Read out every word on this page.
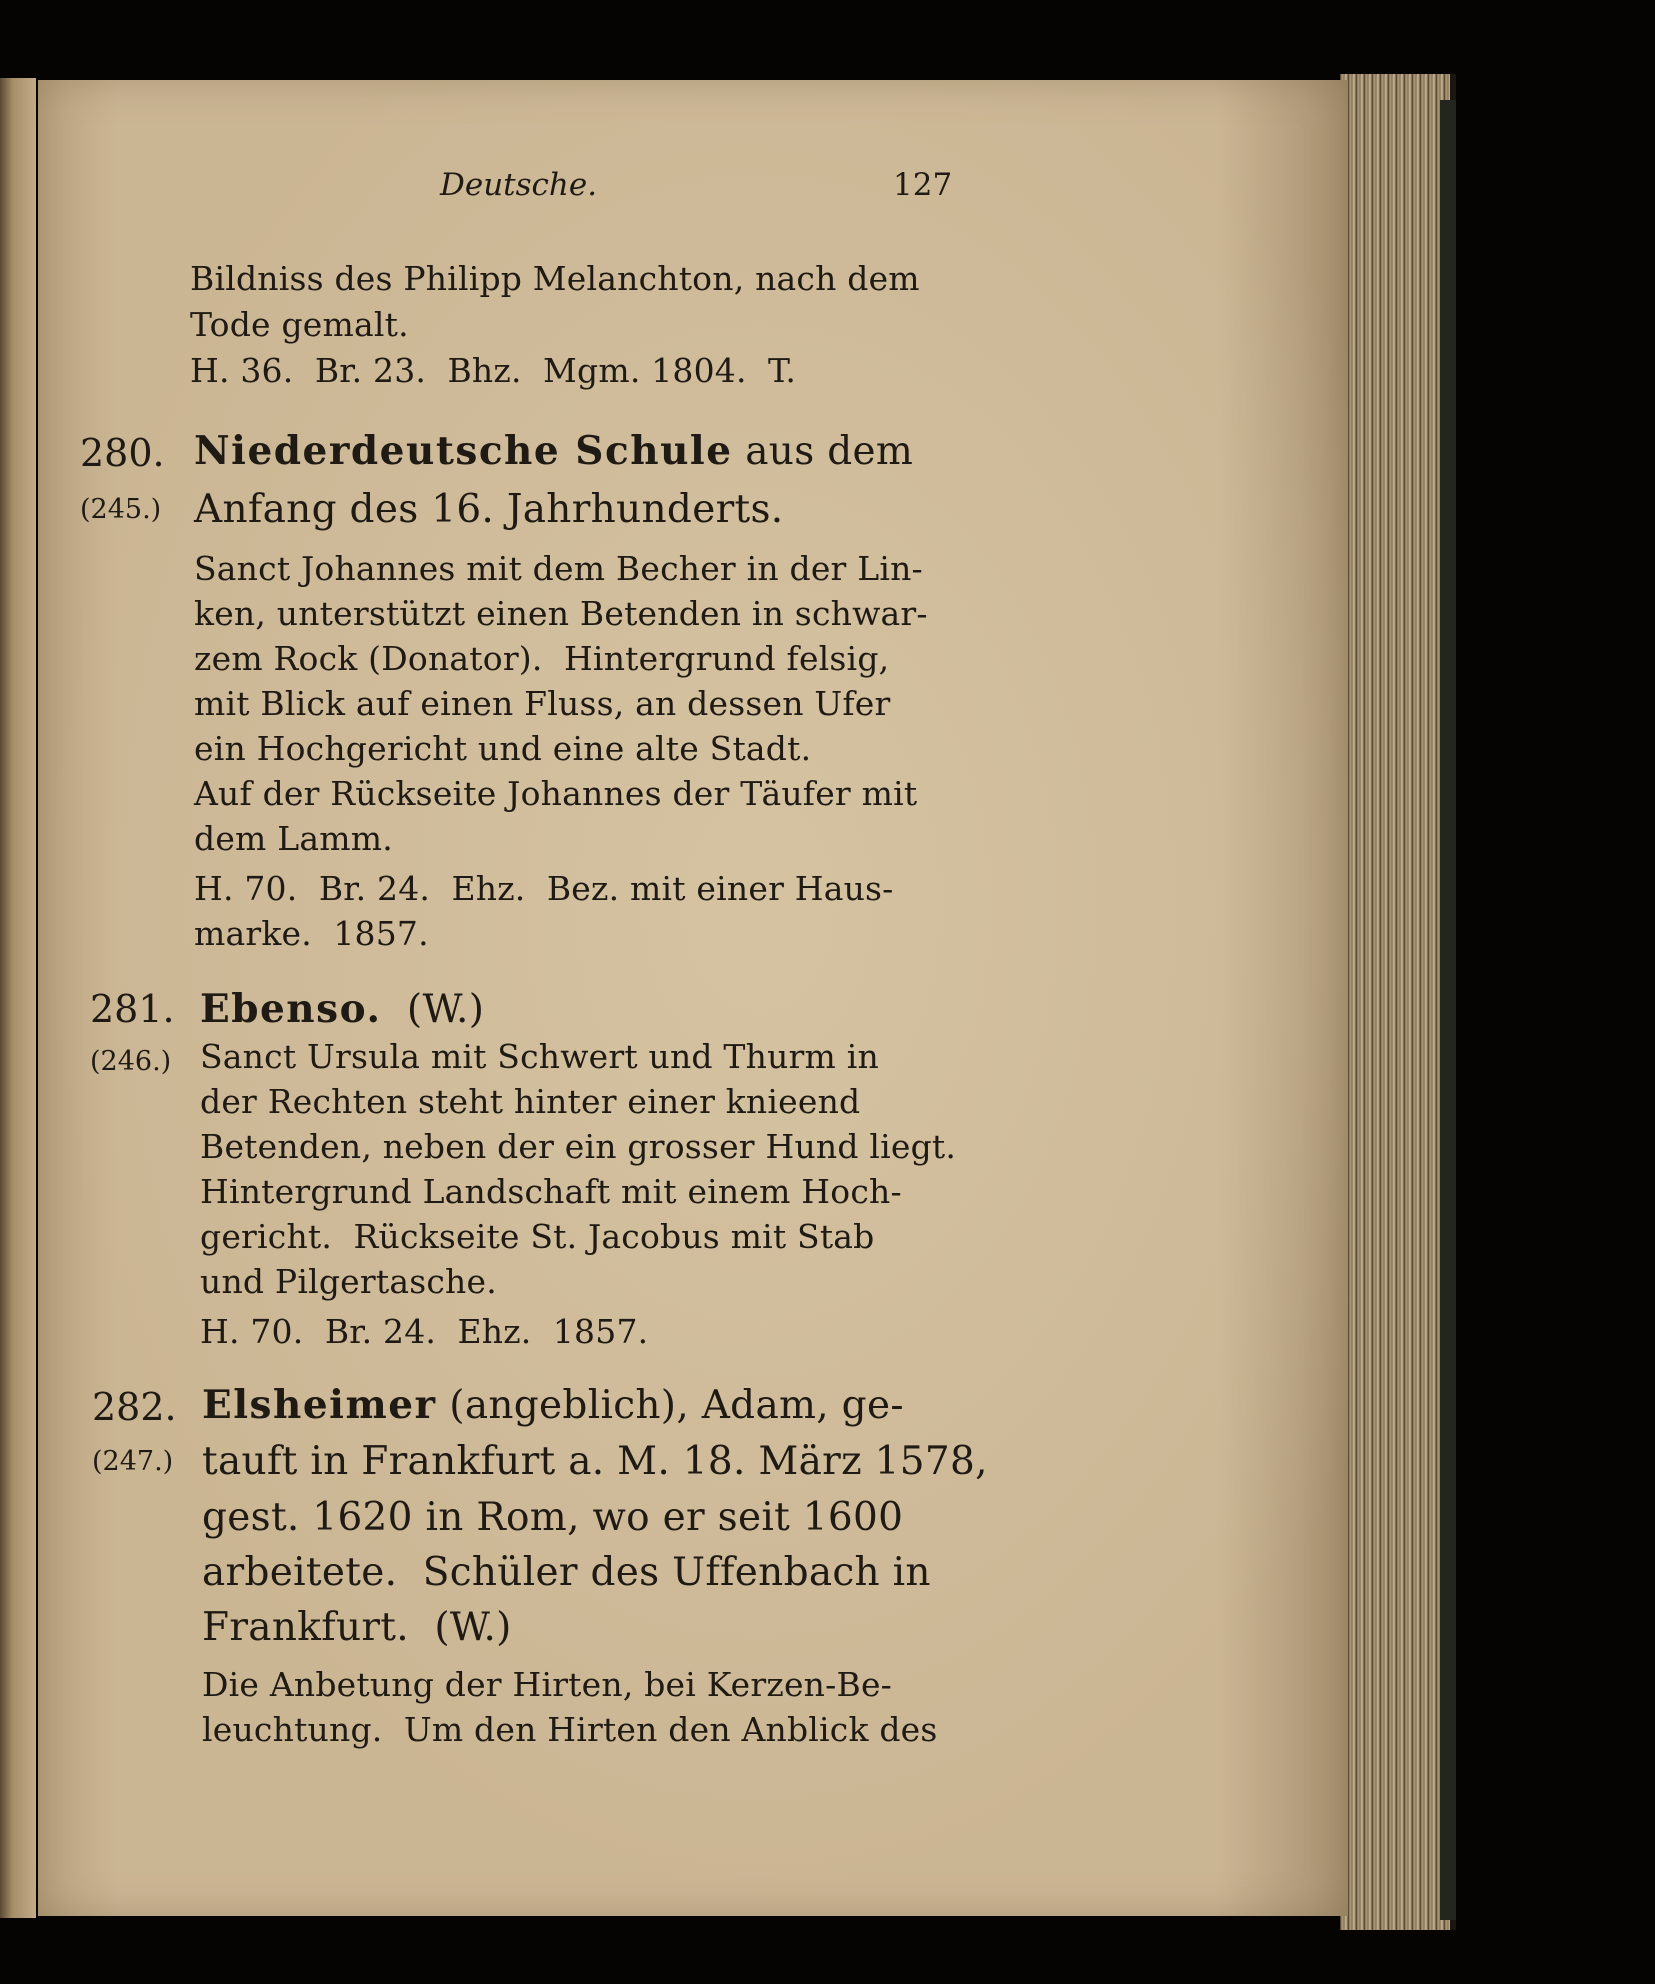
Deutsche.	127
Bildniss des Philipp Melanchton, nach dem
Tode gemalt.
H. 36.  Br. 23.  Bhz.  Mgm. 1804.  T.
280.
(245.)
Niederdeutsche Schule aus dem
Anfang des 16. Jahrhunderts.
Sanct Johannes mit dem Becher in der Lin-
ken, unterstützt einen Betenden in schwar-
zem Rock (Donator).  Hintergrund felsig,
mit Blick auf einen Fluss, an dessen Ufer
ein Hochgericht und eine alte Stadt.
Auf der Rückseite Johannes der Täufer mit
dem Lamm.
H. 70.  Br. 24.  Ehz.  Bez. mit einer Haus-
marke.  1857.
281.
(246.)
Ebenso.  (W.)
Sanct Ursula mit Schwert und Thurm in
der Rechten steht hinter einer knieend
Betenden, neben der ein grosser Hund liegt.
Hintergrund Landschaft mit einem Hoch-
gericht.  Rückseite St. Jacobus mit Stab
und Pilgertasche.
H. 70.  Br. 24.  Ehz.  1857.
282.
(247.)
Elsheimer (angeblich), Adam, ge-
tauft in Frankfurt a. M. 18. März 1578,
gest. 1620 in Rom, wo er seit 1600
arbeitete.  Schüler des Uffenbach in
Frankfurt.  (W.)
Die Anbetung der Hirten, bei Kerzen-Be-
leuchtung.  Um den Hirten den Anblick des
